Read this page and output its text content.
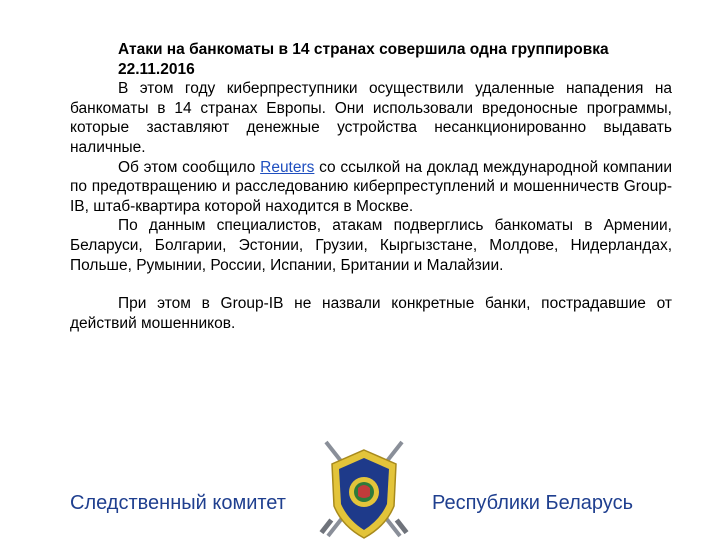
Атаки на банкоматы в 14 странах совершила одна группировка

22.11.2016

В этом году киберпреступники осуществили удаленные нападения на банкоматы в 14 странах Европы. Они использовали вредоносные программы, которые заставляют денежные устройства несанкционированно выдавать наличные.

Об этом сообщило Reuters со ссылкой на доклад международной компании по предотвращению и расследованию киберпреступлений и мошенничеств Group-IB, штаб-квартира которой находится в Москве.

По данным специалистов, атакам подверглись банкоматы в Армении, Беларуси, Болгарии, Эстонии, Грузии, Кыргызстане, Молдове, Нидерландах, Польше, Румынии, России, Испании, Британии и Малайзии.

При этом в Group-IB не назвали конкретные банки, пострадавшие от действий мошенников.

Следственный комитет	Республики Беларусь
